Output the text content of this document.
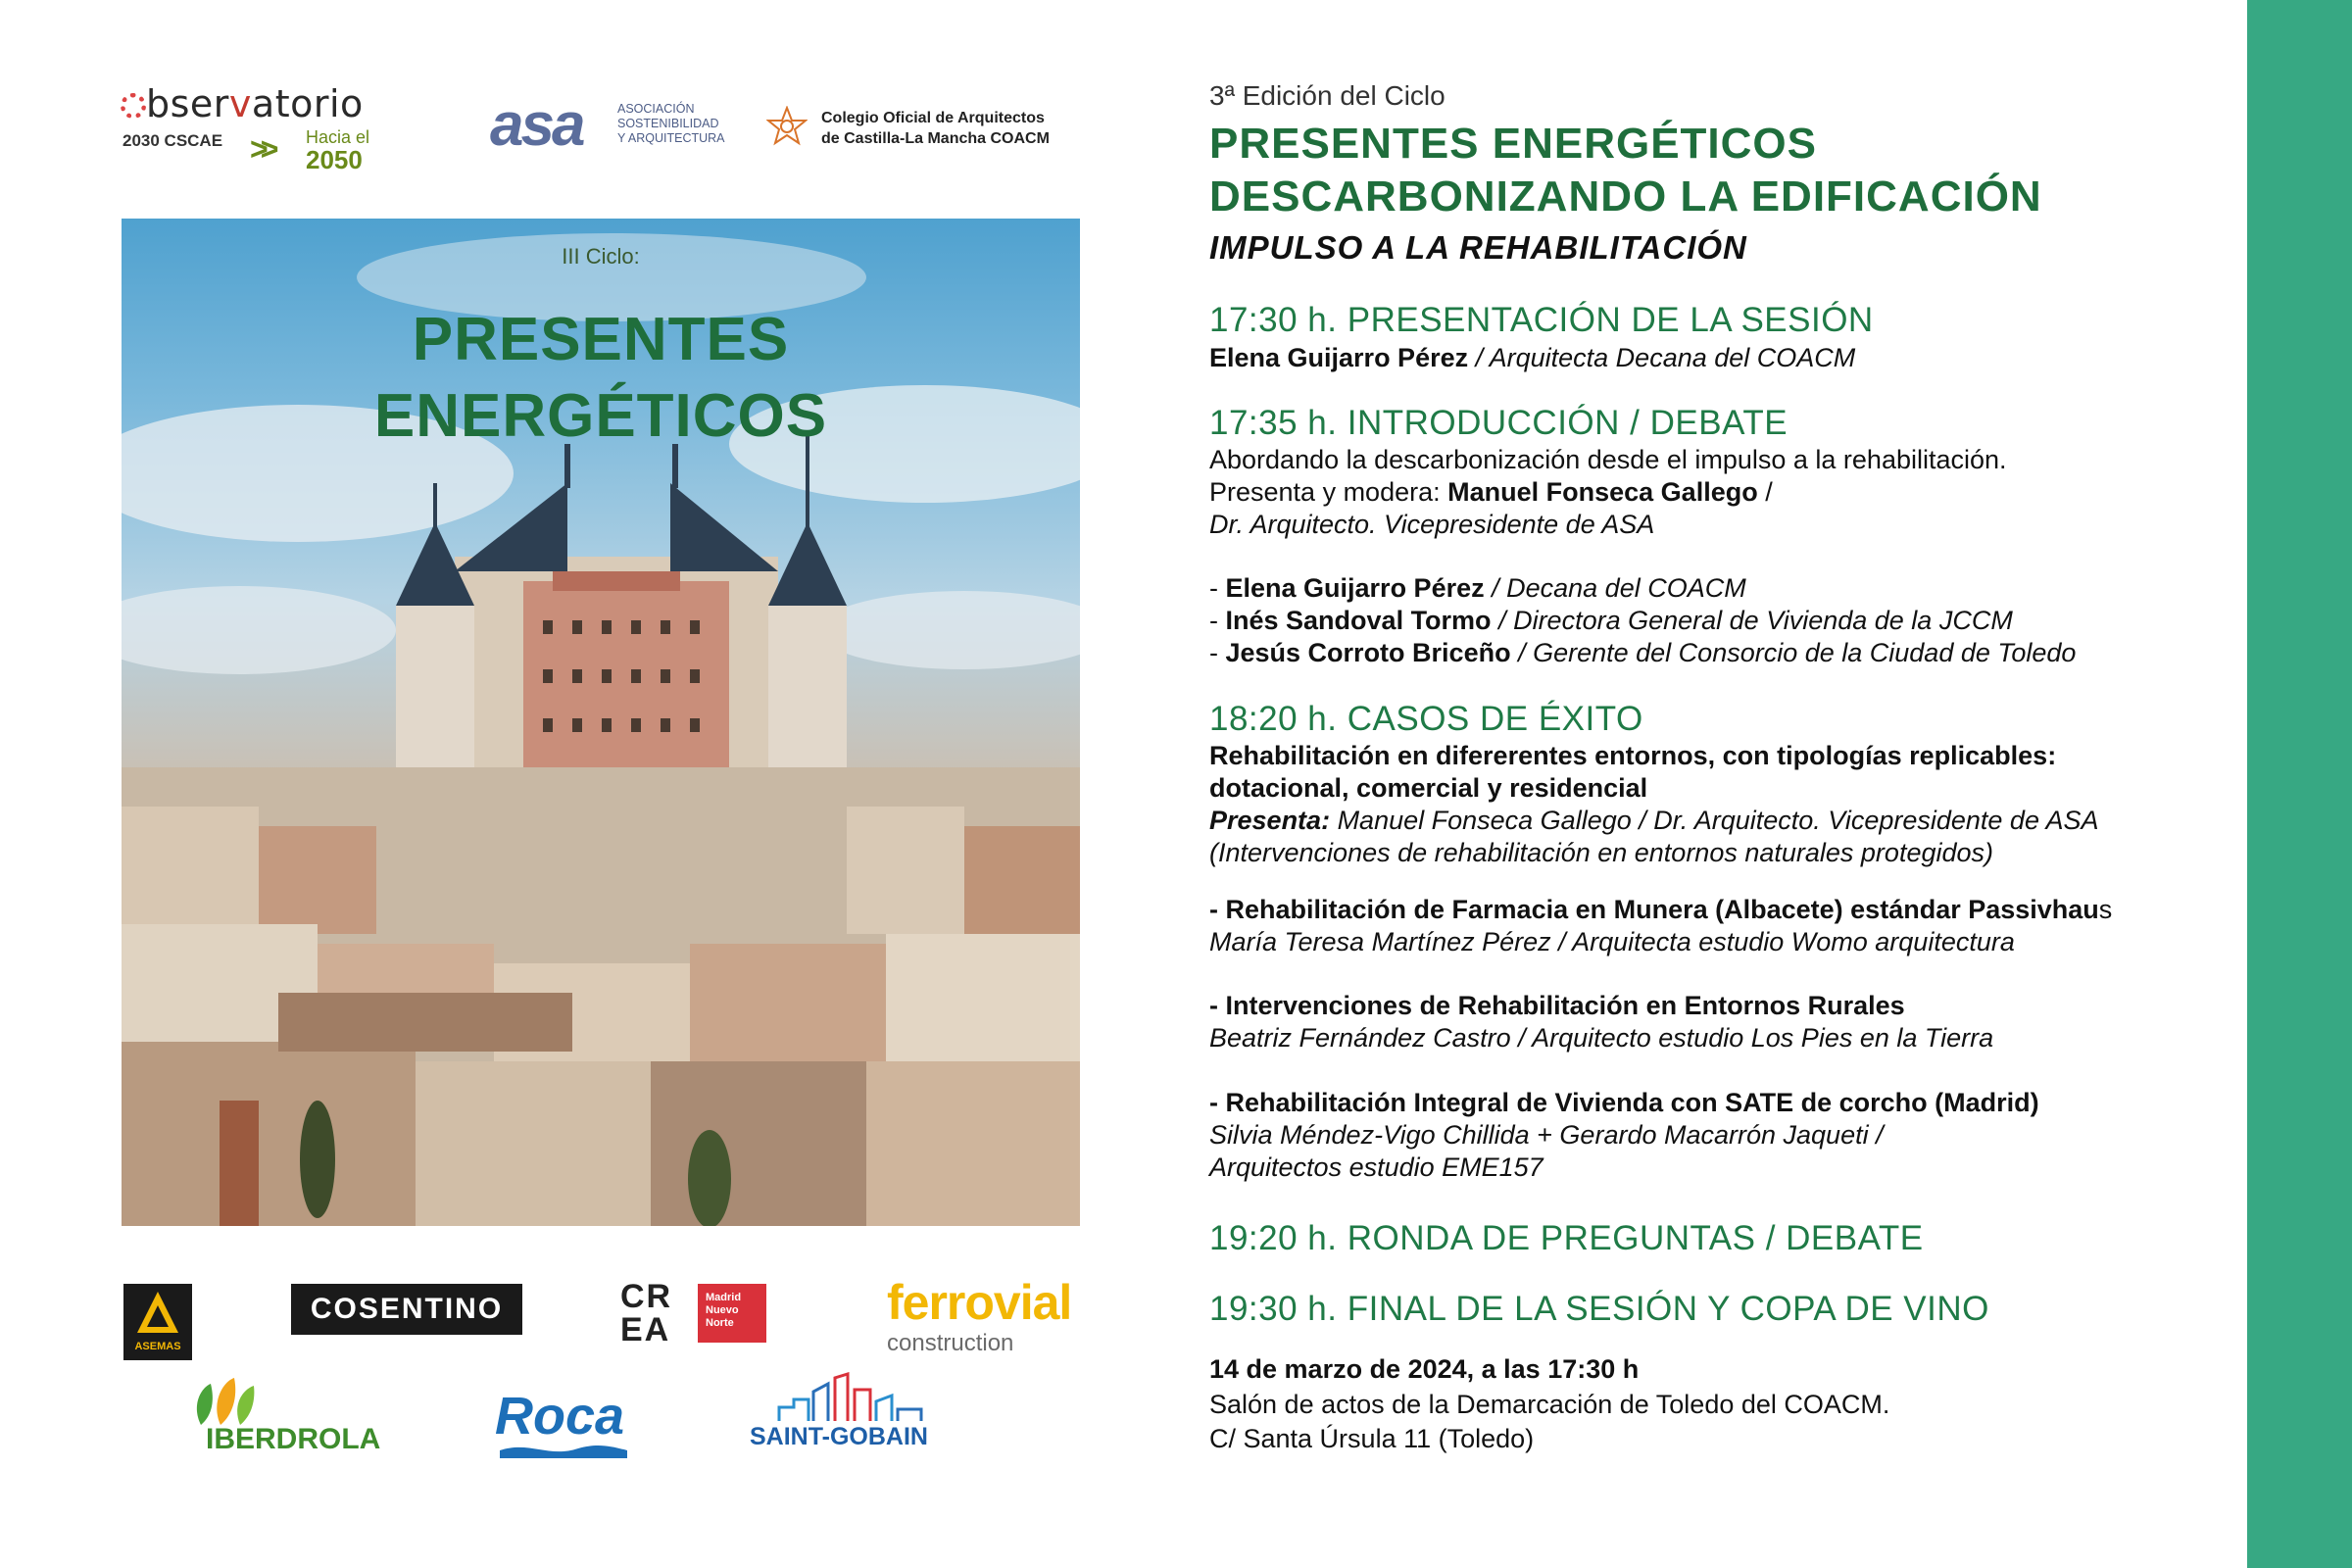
bservatorio
2030 CSCAE >> Hacia el
2050
asa	ASOCIACIÓN
SOSTENIBILIDAD
Y ARQUITECTURA
Colegio Oficial de Arquitectos
de Castilla-La Mancha COACM
III Ciclo:
PRESENTES
ENERGÉTICOS
ASEMAS
COSENTINO	CR
EA
Madrid
Nuevo
Norte	ferrovial
construction
IBERDROLA Roca	SAINT-GOBAIN
3ª Edición del Ciclo
PRESENTES ENERGÉTICOS
DESCARBONIZANDO LA EDIFICACIÓN
IMPULSO A LA REHABILITACIÓN
17:30 h. PRESENTACIÓN DE LA SESIÓN
Elena Guijarro Pérez / Arquitecta Decana del COACM
17:35 h. INTRODUCCIÓN / DEBATE
Abordando la descarbonización desde el impulso a la rehabilitación.
Presenta y modera: Manuel Fonseca Gallego /
Dr. Arquitecto. Vicepresidente de ASA
- Elena Guijarro Pérez / Decana del COACM
- Inés Sandoval Tormo / Directora General de Vivienda de la JCCM
- Jesús Corroto Briceño / Gerente del Consorcio de la Ciudad de Toledo
18:20 h. CASOS DE ÉXITO
Rehabilitación en difererentes entornos, con tipologías replicables:
dotacional, comercial y residencial
Presenta: Manuel Fonseca Gallego / Dr. Arquitecto. Vicepresidente de ASA
(Intervenciones de rehabilitación en entornos naturales protegidos)
- Rehabilitación de Farmacia en Munera (Albacete) estándar Passivhaus
María Teresa Martínez Pérez / Arquitecta estudio Womo arquitectura
- Intervenciones de Rehabilitación en Entornos Rurales
Beatriz Fernández Castro / Arquitecto estudio Los Pies en la Tierra
- Rehabilitación Integral de Vivienda con SATE de corcho (Madrid)
Silvia Méndez-Vigo Chillida + Gerardo Macarrón Jaqueti /
Arquitectos estudio EME157
19:20 h. RONDA DE PREGUNTAS / DEBATE
19:30 h. FINAL DE LA SESIÓN Y COPA DE VINO
14 de marzo de 2024, a las 17:30 h
Salón de actos de la Demarcación de Toledo del COACM.
C/ Santa Úrsula 11 (Toledo)
